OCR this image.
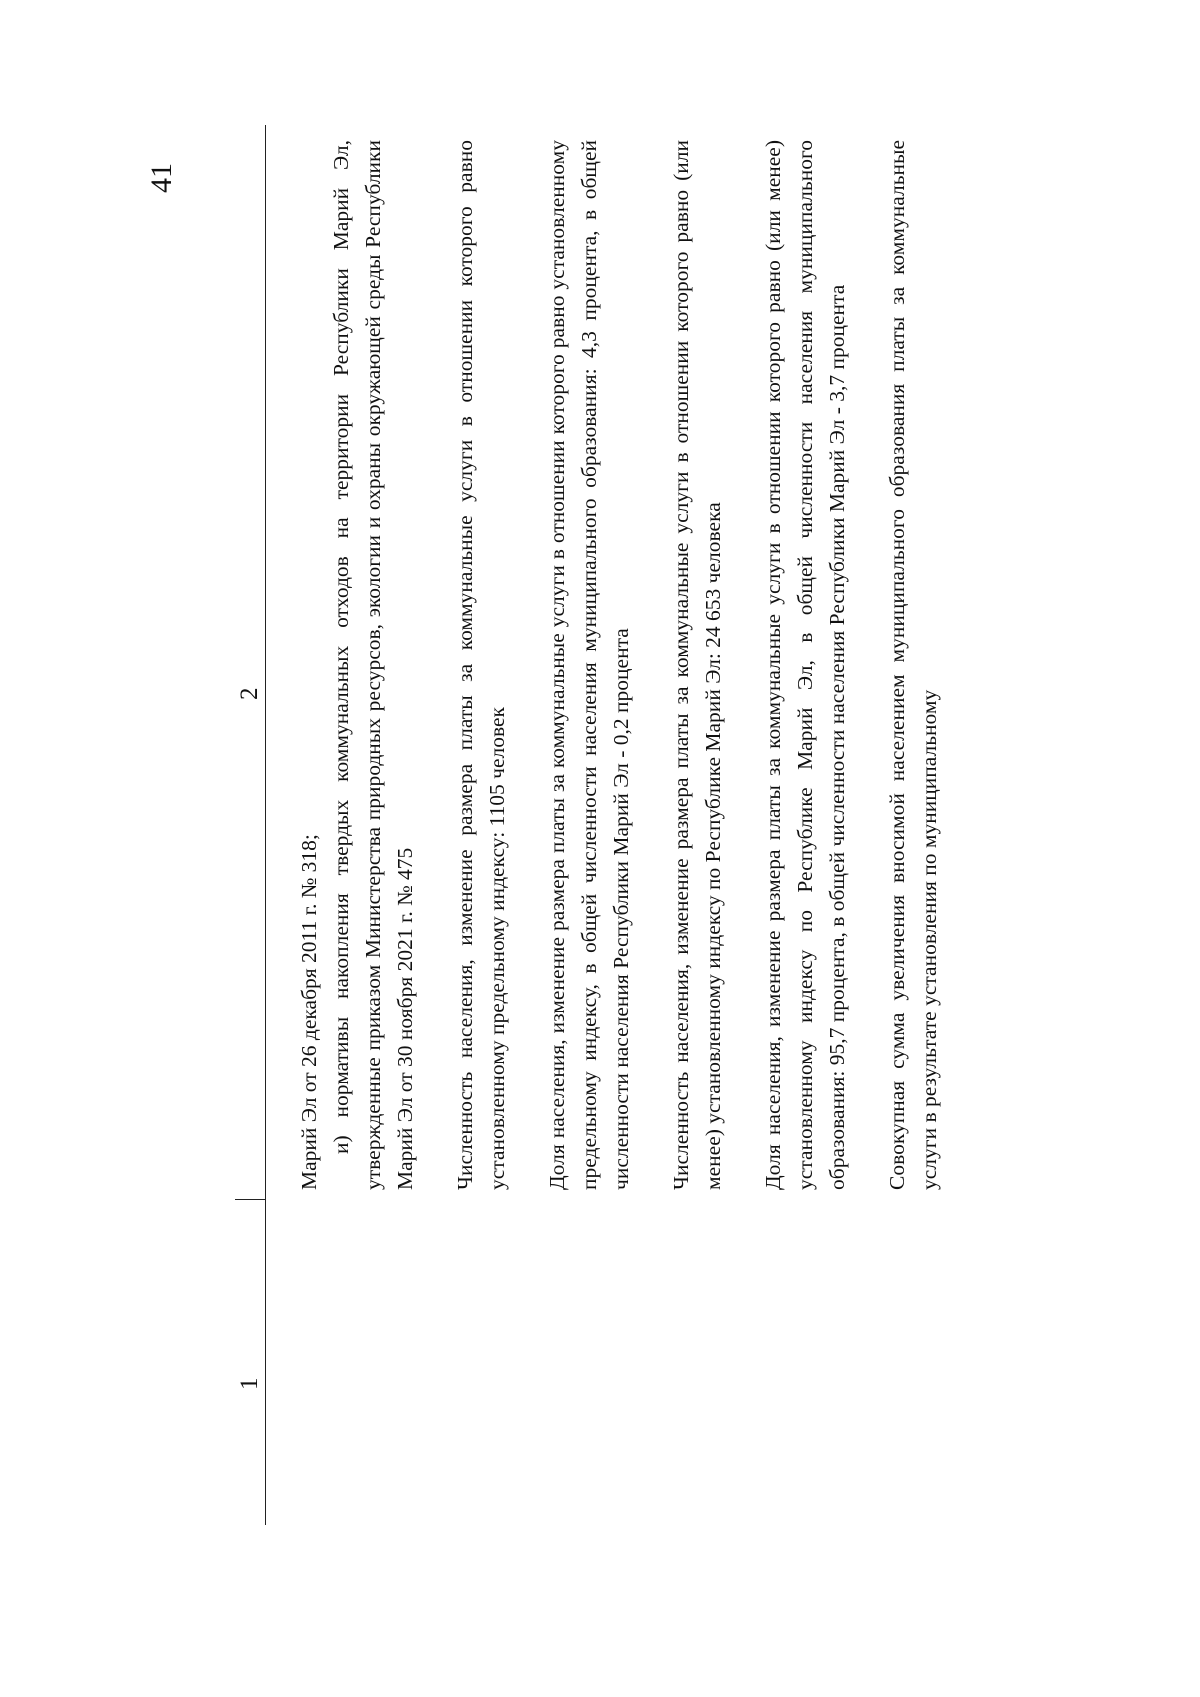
41
1
2

Марий Эл от 26 декабря 2011 г. № 318; и) нормативы накопления твердых коммунальных отходов на территории Республики Марий Эл, утвержденные приказом Министерства природных ресурсов, экологии и охраны окружающей среды Республики Марий Эл от 30 ноября 2021 г. № 475 Численность населения, изменение размера платы за коммунальные услуги в отношении которого равно установленному предельному индексу: 1105 человек Доля населения, изменение размера платы за коммунальные услуги в отношении которого равно установленному предельному индексу, в общей численности населения муниципального образования: 4,3 процента, в общей численности населения Республики Марий Эл - 0,2 процента Численность населения, изменение размера платы за коммунальные услуги в отношении которого равно (или менее) установленному индексу по Республике Марий Эл: 24 653 человека Доля населения, изменение размера платы за коммунальные услуги в отношении которого равно (или менее) установленному индексу по Республике Марий Эл, в общей численности населения муниципального образования: 95,7 процента, в общей численности населения Республики Марий Эл - 3,7 процента Совокупная сумма увеличения вносимой населением муниципального образования платы за коммунальные услуги в результате установления по муниципальному
